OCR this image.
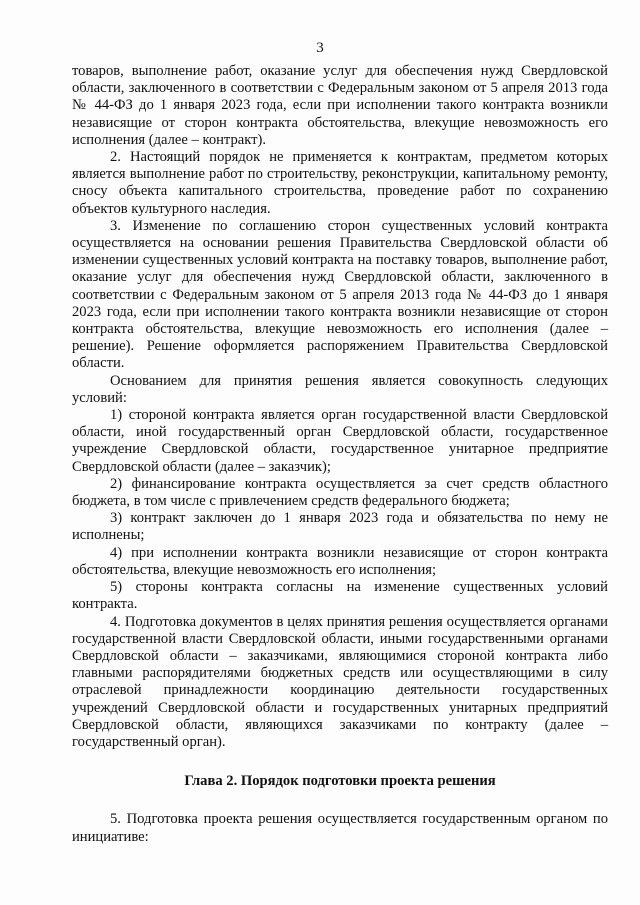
3

товаров, выполнение работ, оказание услуг для обеспечения нужд Свердловской области, заключенного в соответствии с Федеральным законом от 5 апреля 2013 года № 44-ФЗ до 1 января 2023 года, если при исполнении такого контракта возникли независящие от сторон контракта обстоятельства, влекущие невозможность его исполнения (далее – контракт).

2. Настоящий порядок не применяется к контрактам, предметом которых является выполнение работ по строительству, реконструкции, капитальному ремонту, сносу объекта капитального строительства, проведение работ по сохранению объектов культурного наследия.

3. Изменение по соглашению сторон существенных условий контракта осуществляется на основании решения Правительства Свердловской области об изменении существенных условий контракта на поставку товаров, выполнение работ, оказание услуг для обеспечения нужд Свердловской области, заключенного в соответствии с Федеральным законом от 5 апреля 2013 года № 44-ФЗ до 1 января 2023 года, если при исполнении такого контракта возникли независящие от сторон контракта обстоятельства, влекущие невозможность его исполнения (далее – решение). Решение оформляется распоряжением Правительства Свердловской области.

Основанием для принятия решения является совокупность следующих условий:

1) стороной контракта является орган государственной власти Свердловской области, иной государственный орган Свердловской области, государственное учреждение Свердловской области, государственное унитарное предприятие Свердловской области (далее – заказчик);

2) финансирование контракта осуществляется за счет средств областного бюджета, в том числе с привлечением средств федерального бюджета;

3) контракт заключен до 1 января 2023 года и обязательства по нему не исполнены;

4) при исполнении контракта возникли независящие от сторон контракта обстоятельства, влекущие невозможность его исполнения;

5) стороны контракта согласны на изменение существенных условий контракта.

4. Подготовка документов в целях принятия решения осуществляется органами государственной власти Свердловской области, иными государственными органами Свердловской области – заказчиками, являющимися стороной контракта либо главными распорядителями бюджетных средств или осуществляющими в силу отраслевой принадлежности координацию деятельности государственных учреждений Свердловской области и государственных унитарных предприятий Свердловской области, являющихся заказчиками по контракту (далее – государственный орган).

Глава 2. Порядок подготовки проекта решения

5. Подготовка проекта решения осуществляется государственным органом по инициативе:
